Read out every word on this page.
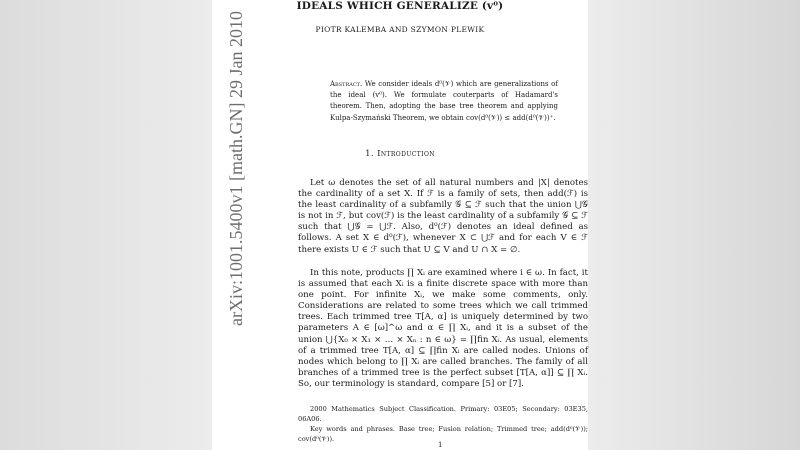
arXiv:1001.5400v1 [math.GN] 29 Jan 2010
IDEALS WHICH GENERALIZE (v⁰)
PIOTR KALEMBA AND SZYMON PLEWIK
Abstract. We consider ideals d⁰(𝒱) which are generalizations of the ideal (v⁰). We formulate couterparts of Hadamard's theorem. Then, adopting the base tree theorem and applying Kulpa-Szymański Theorem, we obtain cov(d⁰(𝒱)) ≤ add(d⁰(𝒱))⁺.
1. Introduction

Let ω denotes the set of all natural numbers and |X| denotes the cardinality of a set X. If ℱ is a family of sets, then add(ℱ) is the least cardinality of a subfamily 𝒢 ⊆ ℱ such that the union ⋃𝒢 is not in ℱ, but cov(ℱ) is the least cardinality of a subfamily 𝒢 ⊆ ℱ such that ⋃𝒢 = ⋃ℱ. Also, d⁰(ℱ) denotes an ideal defined as follows. A set X ∈ d⁰(ℱ), whenever X ⊂ ⋃ℱ and for each V ∈ ℱ there exists U ∈ ℱ such that U ⊆ V and U ∩ X = ∅.

In this note, products ∏ Xᵢ are examined where i ∈ ω. In fact, it is assumed that each Xᵢ is a finite discrete space with more than one point. For infinite Xᵢ, we make some comments, only. Considerations are related to some trees which we call trimmed trees. Each trimmed tree T[A, α] is uniquely determined by two parameters A ∈ [ω]^ω and α ∈ ∏ Xᵢ, and it is a subset of the union ⋃{X₀ × X₁ × … × Xₙ : n ∈ ω} = ∏fin Xᵢ. As usual, elements of a trimmed tree T[A, α] ⊆ ∏fin Xᵢ are called nodes. Unions of nodes which belong to ∏ Xᵢ are called branches. The family of all branches of a trimmed tree is the perfect subset [T[A, α]] ⊆ ∏ Xᵢ. So, our terminology is standard, compare [5] or [7].

2000 Mathematics Subject Classification. Primary: 03E05; Secondary: 03E35, 06A06.

Key words and phrases. Base tree; Fusion relation; Trimmed tree; add(d⁰(𝒱)); cov(d⁰(𝒱)).

1
